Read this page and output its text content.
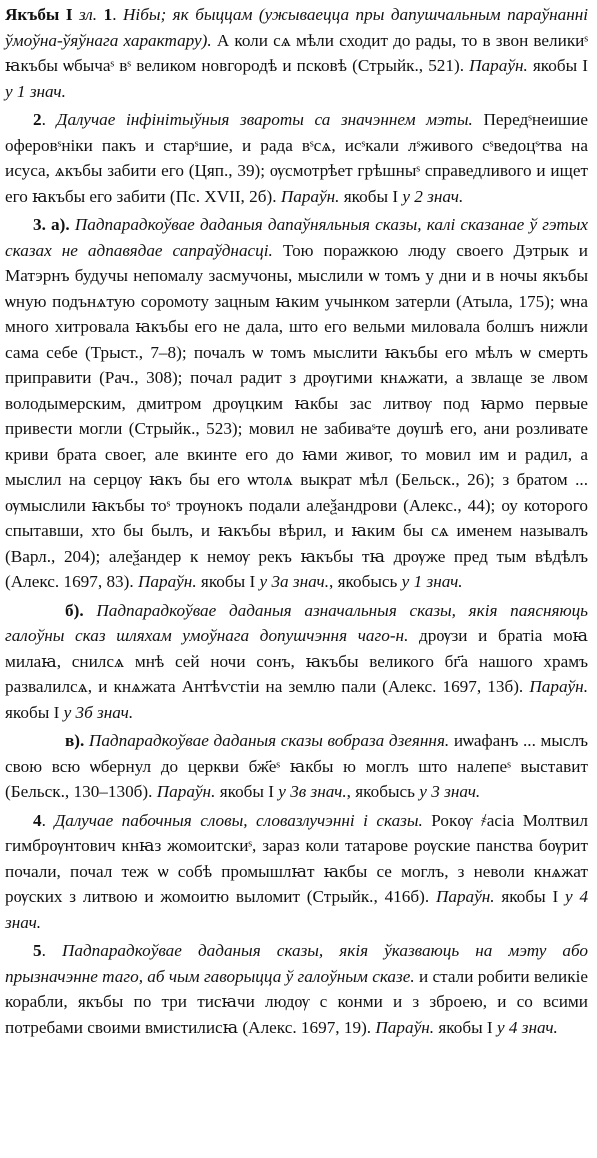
Якъбы I зл. 1. Нібы; як быццам (ужываецца пры дапушчальным параўнанні ўмоўна-ўяўнага характару). А коли сѧ мѣли сходит до рады, то в звон великиˢ ꙗкъбы ѡбычаˢ вˢ великом новгородѣ и псковѣ (Стрыйк., 521). Параўн. якобы I у 1 знач.

2. Далучае інфінітыўныя звароты са значэннем мэты. Передˢнеишие оферовˢніки пакъ и старˢшие, и рада вˢсѧ, исˢкали лˢживого сˢведоцˢтва на исуса, ѧкъбы забити его (Цяп., 39); ѹсмотрѣет грѣшныˢ справедливого и ищет его ꙗкъбы его забити (Пс. XVII, 2б). Параўн. якобы I у 2 знач.

3. а). Падпарадкоўвае даданыя дапаўняльныя сказы, калі сказанае ў гэтых сказах не адпавядае сапраўднасці. Тою поражкою люду своего Дэтрык и Матэрнъ будучы непомалу засмучоны, мыслили ѡ томъ у дни и в ночы якъбы ѡную подънѧтую соромоту зацным ꙗким учынком затерли (Атыла, 175); ѡна много хитровала ꙗкъбы его не дала, што его вельми миловала болшъ нижли сама себе (Трыст., 7–8); почалъ ѡ томъ мыслити ꙗкъбы его мѣлъ ѡ смерть приправити (Рач., 308); почал радит з дрѹгими кнѧжати, а звлаще зе лвом володымерским, дмитром дрѹцким ꙗкбы зас литвѹ под ꙗрмо первые привести могли (Стрыйк., 523); мовил не забиваˢте дѹшѣ его, ани розливате криви брата своег, але вкинте его до ꙗми живог, то мовил им и радил, а мыслил на серцѹ ꙗкъ бы его ѡтолѧ выкрат мѣл (Бельск., 26); з братом ... ѹмыслили ꙗкъбы тоˢ трѹнокъ подали алеѯандрови (Алекс., 44); оу которого спытавши, хто бы былъ, и ꙗкъбы вѣрил, и ꙗким бы сѧ именем называлъ (Варл., 204); алеѯандер к немѹ рекъ ꙗкъбы тꙗ дрѹже пред тым вѣдѣлъ (Алекс. 1697, 83). Параўн. якобы I у 3а знач., якобысь у 1 знач.

б). Падпарадкоўвае даданыя азначальныя сказы, якія паясняюць галоўны сказ шляхам умоўнага допушчэння чаго-н. дрѹзи и братіа моꙗ милаꙗ, снилсѧ мнѣ сей ночи сонъ, ꙗкъбы великого бг҃а нашого храмъ развалилсѧ, и кнѧжата Антѣѵстіи на землю пали (Алекс. 1697, 13б). Параўн. якобы I у 3б знач.

в). Падпарадкоўвае даданыя сказы вобраза дзеяння. иѡафанъ ... мыслъ свою всю ѡбернул до церкви бж҃еˢ ꙗкбы ю моглъ што налепеˢ выставит (Бельск., 130–130б). Параўн. якобы I у 3в знач., якобысь у 3 знач.

4. Далучае пабочныя словы, словазлучэнні і сказы. Рокѹ ҂асіа Молтвил гимбрѹнтович кнꙗз жомоитскиˢ, зараз коли татарове рѹские панства бѹрит почали, почал теж ѡ собѣ промышлꙗт ꙗкбы се моглъ, з неволи кнѧжат рѹских з литвою и жомоитю выломит (Стрыйк., 416б). Параўн. якобы I у 4 знач.

5. Падпарадкоўвае даданыя сказы, якія ўказваюць на мэту або прызначэнне таго, аб чым гаворыцца ў галоўным сказе. и стали робити великіе корабли, якъбы по три тисꙗчи людѹ с конми и з зброею, и со всими потребами своими вмистилисꙗ (Алекс. 1697, 19). Параўн. якобы I у 4 знач.
